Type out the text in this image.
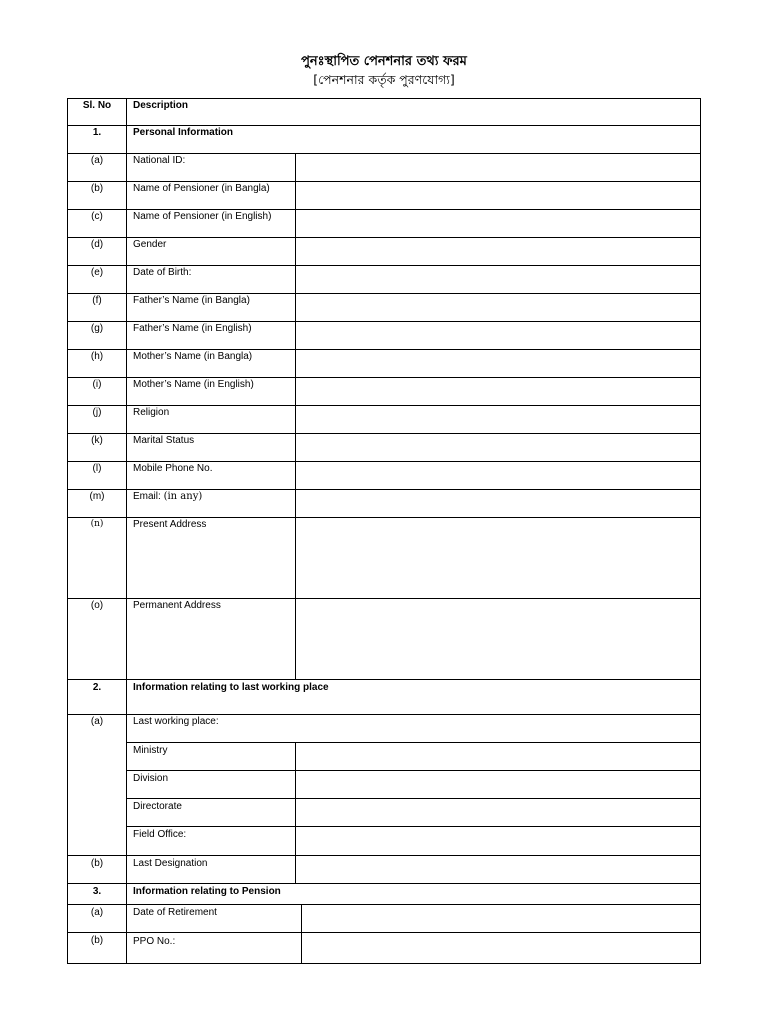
পুনঃস্থাপিত পেনশনার তথ্য ফরম
[পেনশনার কর্তৃক পুরণযোগ্য]
Sl. No	Description
1.	Personal Information
(a)	National ID:
(b)	Name of Pensioner (in Bangla)
(c)	Name of Pensioner (in English)
(d)	Gender
(e)	Date of Birth:
(f)	Father’s Name (in Bangla)
(g)	Father’s Name (in English)
(h)	Mother’s Name (in Bangla)
(i)	Mother’s Name (in English)
(j)	Religion
(k)	Marital Status
(l)	Mobile Phone No.
(m)	Email: (in any)
(n)	Present Address
(o)	Permanent Address
2.	Information relating to last working place
(a)	Last working place:
Ministry
Division
Directorate
Field Office:
(b)	Last Designation
3.	Information relating to Pension
(a)	Date of Retirement
(b)	PPO No.:
